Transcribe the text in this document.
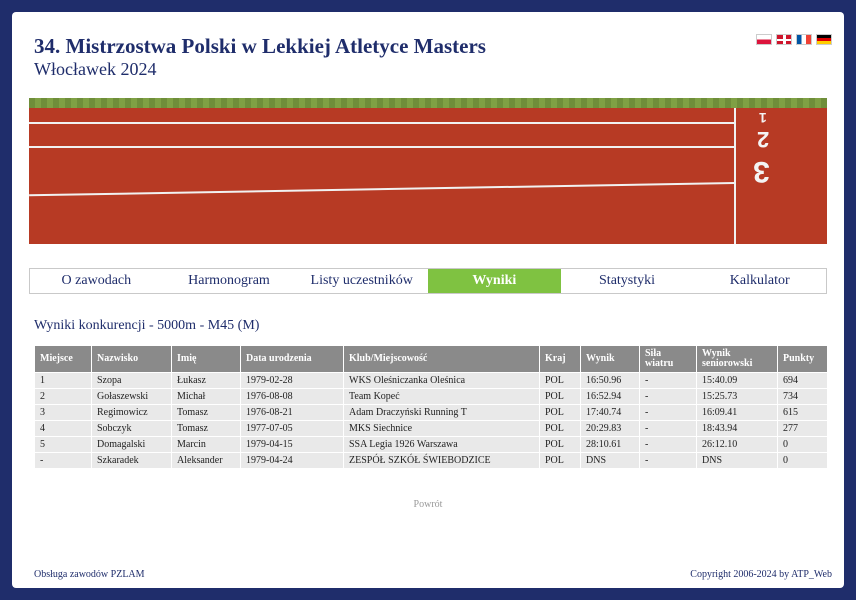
34. Mistrzostwa Polski w Lekkiej Atletyce Masters
Włocławek 2024
1
2
3
O zawodach	Harmonogram	Listy uczestników	Wyniki	Statystyki	Kalkulator
Wyniki konkurencji - 5000m - M45 (M)
Miejsce	Nazwisko	Imię	Data urodzenia	Klub/Miejscowość	Kraj	Wynik	Siła wiatru	Wynik seniorowski	Punkty
1	Szopa	Łukasz	1979-02-28	WKS Oleśniczanka Oleśnica	POL	16:50.96	-	15:40.09	694
2	Gołaszewski	Michał	1976-08-08	Team Kopeć	POL	16:52.94	-	15:25.73	734
3	Regimowicz	Tomasz	1976-08-21	Adam Draczyński Running T	POL	17:40.74	-	16:09.41	615
4	Sobczyk	Tomasz	1977-07-05	MKS Siechnice	POL	20:29.83	-	18:43.94	277
5	Domagalski	Marcin	1979-04-15	SSA Legia 1926 Warszawa	POL	28:10.61	-	26:12.10	0
-	Szkaradek	Aleksander	1979-04-24	ZESPÓŁ SZKÓŁ ŚWIEBODZICE	POL	DNS	-	DNS	0
Powrót
Obsługa zawodów PZLAM	Copyright 2006-2024 by ATP_Web
